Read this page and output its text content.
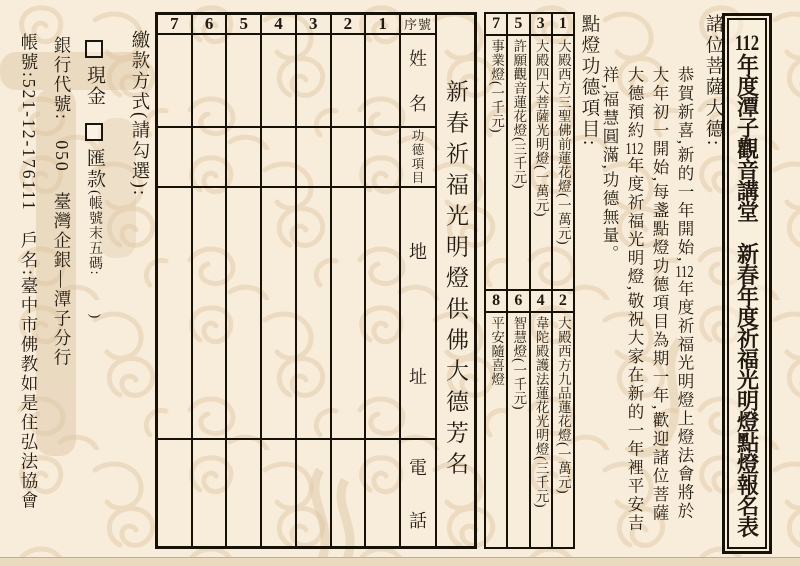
112年度潭子觀音講堂　新春年度祈福光明燈點燈報名表
諸位菩薩大德:
恭賀新喜,新的一年開始,112年度祈福光明燈上燈法會將於
大年初一開始,每盞點燈功德項目為期一年,歡迎諸位菩薩
大德預約112年度祈福光明燈,敬祝大家在新的一年裡平安吉
祥,福慧圓滿,功德無量。
點燈功德項目:
7
事業燈(一千元)
5
許願觀音蓮花燈(三千元)
3
大殿四大菩薩光明燈(一萬元)
1
大殿西方三聖佛前蓮花燈(一萬元)
8
平安隨喜燈
6
智慧燈(一千元)
4
韋陀殿護法蓮花光明燈(三千元)
2
大殿西方九品蓮花燈(一萬元)
新春祈福光明燈供佛大德芳名
7	6	5	4	3	2	1	序號
姓
名
功
德
項
目
地
址
電
話
繳款方式(請勾選):
現金匯款(帳號末五碼:)
銀行代號:　050　臺灣企銀—潭子分行
帳號:521-12-176111　戶名:臺中市佛教如是住弘法協會
